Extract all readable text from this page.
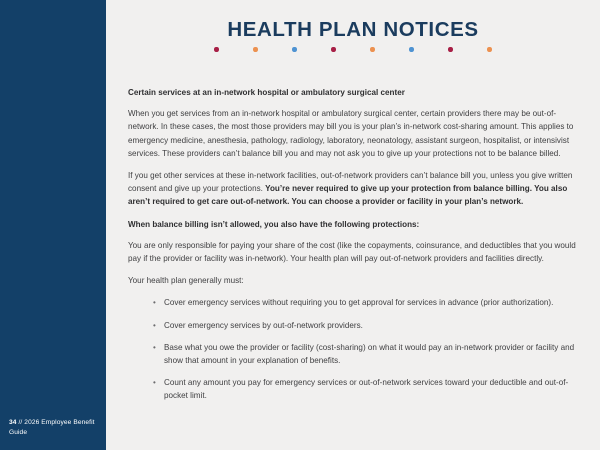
34 // 2026 Employee Benefit Guide
HEALTH PLAN NOTICES

Certain services at an in-network hospital or ambulatory surgical center

When you get services from an in-network hospital or ambulatory surgical center, certain providers there may be out-of-network. In these cases, the most those providers may bill you is your plan’s in-network cost-sharing amount. This applies to emergency medicine, anesthesia, pathology, radiology, laboratory, neonatology, assistant surgeon, hospitalist, or intensivist services. These providers can’t balance bill you and may not ask you to give up your protections not to be balance billed.

If you get other services at these in-network facilities, out-of-network providers can’t balance bill you, unless you give written consent and give up your protections. You’re never required to give up your protection from balance billing. You also aren’t required to get care out-of-network. You can choose a provider or facility in your plan’s network.

When balance billing isn’t allowed, you also have the following protections:

You are only responsible for paying your share of the cost (like the copayments, coinsurance, and deductibles that you would pay if the provider or facility was in-network). Your health plan will pay out-of-network providers and facilities directly.

Your health plan generally must:

• Cover emergency services without requiring you to get approval for services in advance (prior authorization).
• Cover emergency services by out-of-network providers.
• Base what you owe the provider or facility (cost-sharing) on what it would pay an in-network provider or facility and show that amount in your explanation of benefits.
• Count any amount you pay for emergency services or out-of-network services toward your deductible and out-of-pocket limit.
